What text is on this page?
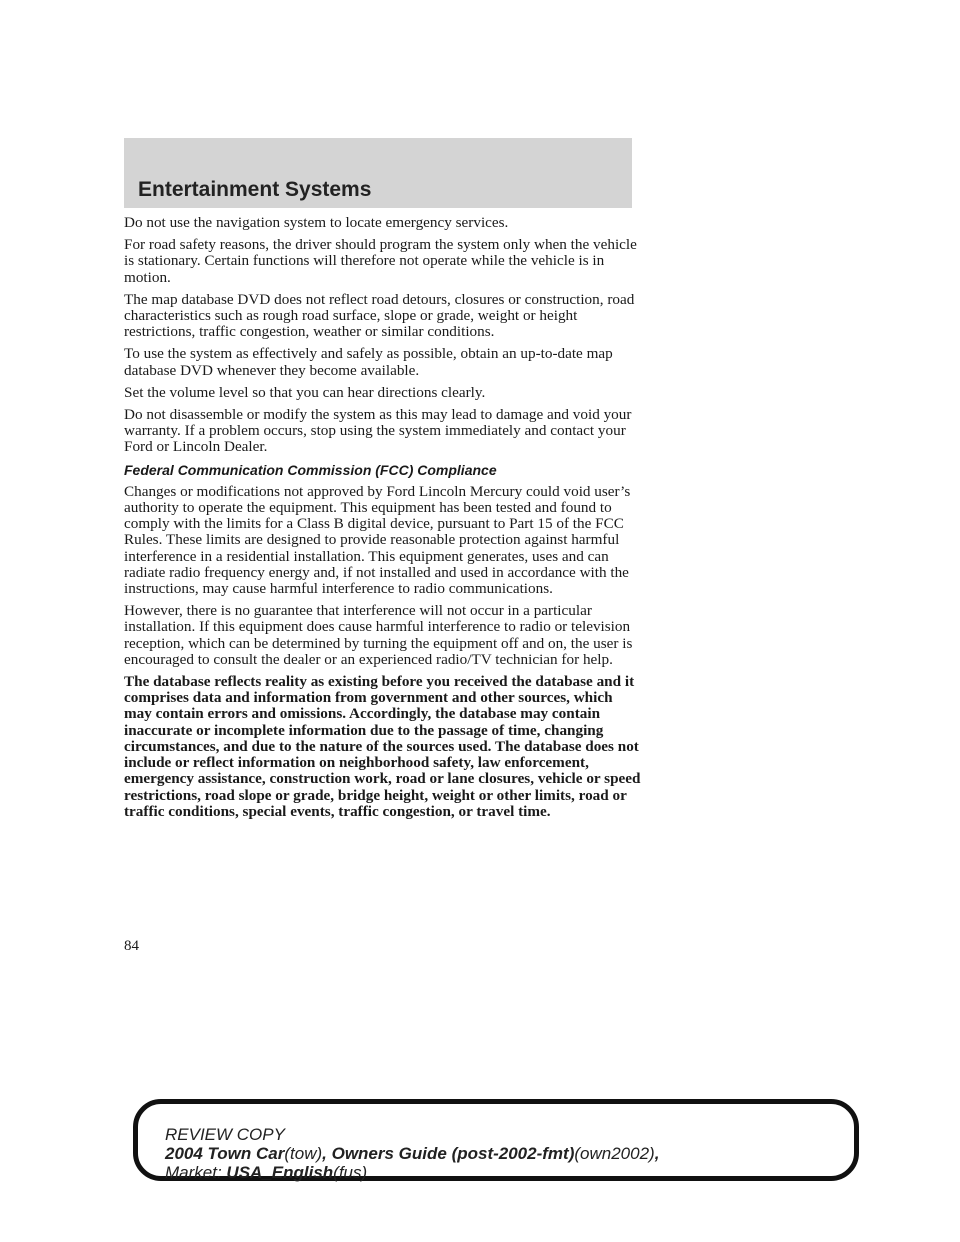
Entertainment Systems

Do not use the navigation system to locate emergency services.

For road safety reasons, the driver should program the system only when the vehicle is stationary. Certain functions will therefore not operate while the vehicle is in motion.

The map database DVD does not reflect road detours, closures or construction, road characteristics such as rough road surface, slope or grade, weight or height restrictions, traffic congestion, weather or similar conditions.

To use the system as effectively and safely as possible, obtain an up-to-date map database DVD whenever they become available.

Set the volume level so that you can hear directions clearly.

Do not disassemble or modify the system as this may lead to damage and void your warranty. If a problem occurs, stop using the system immediately and contact your Ford or Lincoln Dealer.

Federal Communication Commission (FCC) Compliance

Changes or modifications not approved by Ford Lincoln Mercury could void user’s authority to operate the equipment. This equipment has been tested and found to comply with the limits for a Class B digital device, pursuant to Part 15 of the FCC Rules. These limits are designed to provide reasonable protection against harmful interference in a residential installation. This equipment generates, uses and can radiate radio frequency energy and, if not installed and used in accordance with the instructions, may cause harmful interference to radio communications.

However, there is no guarantee that interference will not occur in a particular installation. If this equipment does cause harmful interference to radio or television reception, which can be determined by turning the equipment off and on, the user is encouraged to consult the dealer or an experienced radio/TV technician for help.

The database reflects reality as existing before you received the database and it comprises data and information from government and other sources, which may contain errors and omissions. Accordingly, the database may contain inaccurate or incomplete information due to the passage of time, changing circumstances, and due to the nature of the sources used. The database does not include or reflect information on neighborhood safety, law enforcement, emergency assistance, construction work, road or lane closures, vehicle or speed restrictions, road slope or grade, bridge height, weight or other limits, road or traffic conditions, special events, traffic congestion, or travel time.

84
REVIEW COPY
2004 Town Car(tow), Owners Guide (post-2002-fmt)(own2002),
Market: USA_English(fus)
